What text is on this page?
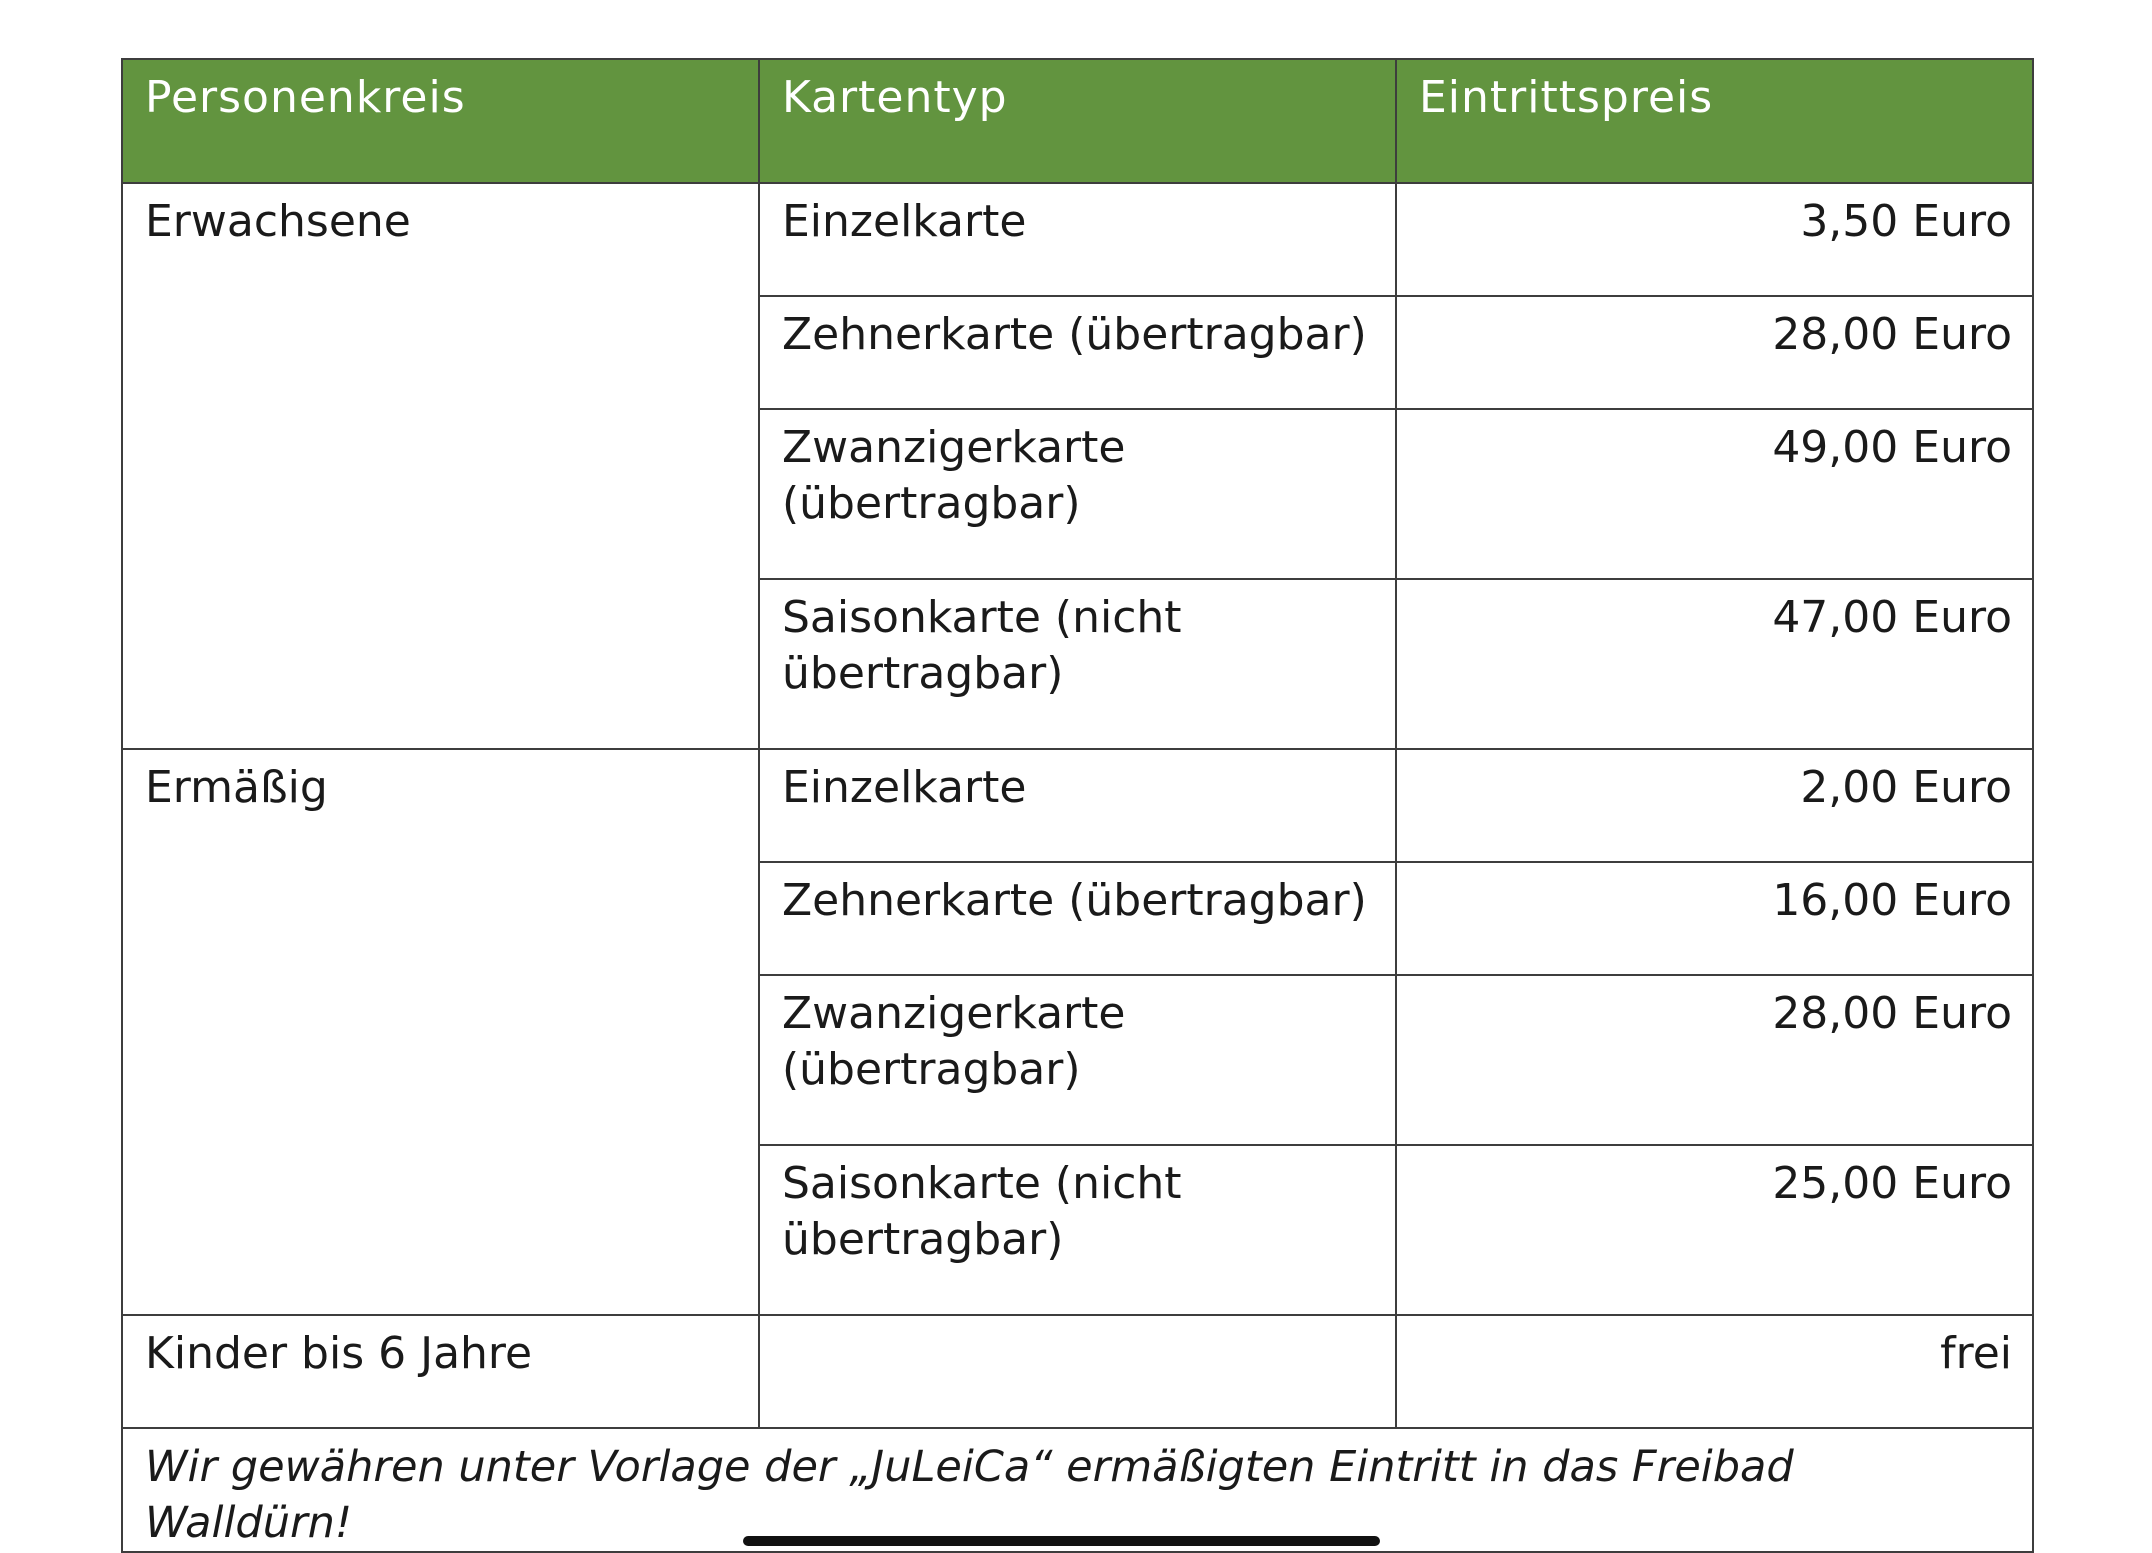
Personenkreis	Kartentyp	Eintrittspreis
Erwachsene	Einzelkarte	3,50 Euro
	Zehnerkarte (übertragbar)	28,00 Euro
	Zwanzigerkarte (übertragbar)	49,00 Euro
	Saisonkarte (nicht übertragbar)	47,00 Euro
Ermäßig	Einzelkarte	2,00 Euro
	Zehnerkarte (übertragbar)	16,00 Euro
	Zwanzigerkarte (übertragbar)	28,00 Euro
	Saisonkarte (nicht übertragbar)	25,00 Euro
Kinder bis 6 Jahre		frei
Wir gewähren unter Vorlage der „JuLeiCa“ ermäßigten Eintritt in das Freibad Walldürn!		
